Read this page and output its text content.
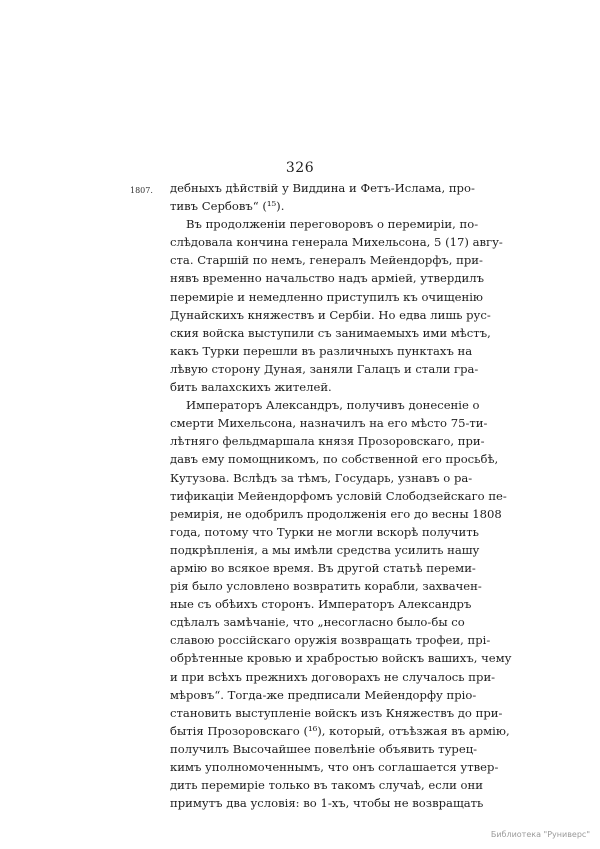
326
1807. дебныхъ дѣйствій у Виддина и Фетъ-Ислама, про-
тивъ Сербовъ“ (¹⁵).
Въ продолженіи переговоровъ о перемиріи, по-
слѣдовала кончина генерала Михельсона, 5 (17) авгу-
ста. Старшій по немъ, генералъ Мейендорфъ, при-
нявъ временно начальство надъ арміей, утвердилъ
перемиріе и немедленно приступилъ къ очищенію
Дунайскихъ княжествъ и Сербіи. Но едва лишь рус-
ския войска выступили съ занимаемыхъ ими мѣстъ,
какъ Турки перешли въ различныхъ пунктахъ на
лѣвую сторону Дуная, заняли Галацъ и стали гра-
бить валахскихъ жителей.
Императоръ Александръ, получивъ донесеніе о
смерти Михельсона, назначилъ на его мѣсто 75-ти-
лѣтняго фельдмаршала князя Прозоровскаго, при-
давъ ему помощникомъ, по собственной его просьбѣ,
Кутузова. Вслѣдъ за тѣмъ, Государь, узнавъ о ра-
тификаціи Мейендорфомъ условій Слободзейскаго пе-
ремирія, не одобрилъ продолженія его до весны 1808
года, потому что Турки не могли вскорѣ получить
подкрѣпленія, а мы имѣли средства усилить нашу
армію во всякое время. Въ другой статьѣ переми-
рія было условлено возвратить корабли, захвачен-
ные съ обѣихъ сторонъ. Императоръ Александръ
сдѣлалъ замѣчаніе, что „несогласно было-бы со
славою россійскаго оружія возвращать трофеи, прі-
обрѣтенные кровью и храбростью войскъ вашихъ, чему
и при всѣхъ прежнихъ договорахъ не случалось при-
мѣровъ“. Тогда-же предписали Мейендорфу пріо-
становить выступленіе войскъ изъ Княжествъ до при-
бытія Прозоровскаго (¹⁶), который, отъѣзжая въ армію,
получилъ Высочайшее повелѣніе объявить турец-
кимъ уполномоченнымъ, что онъ соглашается утвер-
дить перемиріе только въ такомъ случаѣ, если они
примутъ два условія: во 1-хъ, чтобы не возвращать
Библиотека "Руниверс"
